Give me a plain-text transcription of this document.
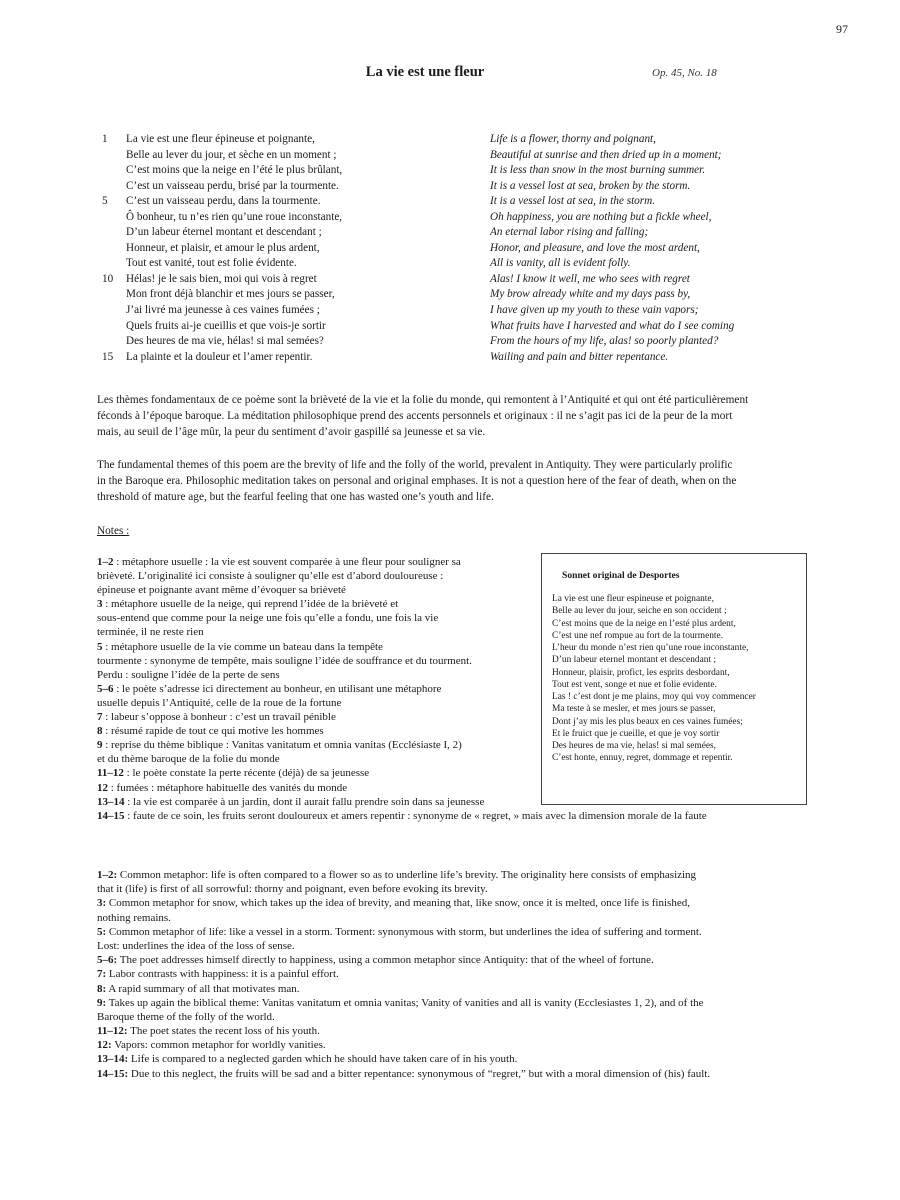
97
La vie est une fleur	Op. 45, No. 18
1
5
10
15
La vie est une fleur épineuse et poignante,
Belle au lever du jour, et sèche en un moment ;
C’est moins que la neige en l’été le plus brûlant,
C’est un vaisseau perdu, brisé par la tourmente.
C’est un vaisseau perdu, dans la tourmente.
Ô bonheur, tu n’es rien qu’une roue inconstante,
D’un labeur éternel montant et descendant ;
Honneur, et plaisir, et amour le plus ardent,
Tout est vanité, tout est folie évidente.
Hélas! je le sais bien, moi qui vois à regret
Mon front déjà blanchir et mes jours se passer,
J’ai livré ma jeunesse à ces vaines fumées ;
Quels fruits ai-je cueillis et que vois-je sortir
Des heures de ma vie, hélas! si mal semées?
La plainte et la douleur et l’amer repentir.
Life is a flower, thorny and poignant,
Beautiful at sunrise and then dried up in a moment;
It is less than snow in the most burning summer.
It is a vessel lost at sea, broken by the storm.
It is a vessel lost at sea, in the storm.
Oh happiness, you are nothing but a fickle wheel,
An eternal labor rising and falling;
Honor, and pleasure, and love the most ardent,
All is vanity, all is evident folly.
Alas! I know it well, me who sees with regret
My brow already white and my days pass by,
I have given up my youth to these vain vapors;
What fruits have I harvested and what do I see coming
From the hours of my life, alas! so poorly planted?
Wailing and pain and bitter repentance.
Les thèmes fondamentaux de ce poème sont la brièveté de la vie et la folie du monde, qui remontent à l’Antiquité et qui ont été particulièrement
féconds à l’époque baroque. La méditation philosophique prend des accents personnels et originaux : il ne s’agit pas ici de la peur de la mort
mais, au seuil de l’âge mûr, la peur du sentiment d’avoir gaspillé sa jeunesse et sa vie.
The fundamental themes of this poem are the brevity of life and the folly of the world, prevalent in Antiquity. They were particularly prolific
in the Baroque era. Philosophic meditation takes on personal and original emphases. It is not a question here of the fear of death, when on the
threshold of mature age, but the fearful feeling that one has wasted one’s youth and life.
Notes :
1–2 : métaphore usuelle : la vie est souvent comparée à une fleur pour souligner sa
brièveté. L’originalité ici consiste à souligner qu’elle est d’abord douloureuse :
épineuse et poignante avant même d’évoquer sa brièveté
3 : métaphore usuelle de la neige, qui reprend l’idée de la brièveté et
sous-entend que comme pour la neige une fois qu’elle a fondu, une fois la vie
terminée, il ne reste rien
5 : métaphore usuelle de la vie comme un bateau dans la tempête
tourmente : synonyme de tempête, mais souligne l’idée de souffrance et du tourment.
Perdu : souligne l’idée de la perte de sens
5–6 : le poète s’adresse ici directement au bonheur, en utilisant une métaphore
usuelle depuis l’Antiquité, celle de la roue de la fortune
7 : labeur s’oppose à bonheur : c’est un travail pénible
8 : résumé rapide de tout ce qui motive les hommes
9 : reprise du thème biblique : Vanitas vanitatum et omnia vanitas (Ecclésiaste I, 2)
et du thème baroque de la folie du monde
11–12 : le poète constate la perte récente (déjà) de sa jeunesse
12 : fumées : métaphore habituelle des vanités du monde
13–14 : la vie est comparée à un jardin, dont il aurait fallu prendre soin dans sa jeunesse
14–15 : faute de ce soin, les fruits seront douloureux et amers repentir : synonyme de « regret, » mais avec la dimension morale de la faute
Sonnet original de Desportes
La vie est une fleur espineuse et poignante,
Belle au lever du jour, seiche en son occident ;
C’est moins que de la neige en l’esté plus ardent,
C’est une nef rompue au fort de la tourmente.
L’heur du monde n’est rien qu’une roue inconstante,
D’un labeur eternel montant et descendant ;
Honneur, plaisir, profict, les esprits desbordant,
Tout est vent, songe et nue et folie evidente.
Las ! c’est dont je me plains, moy qui voy commencer
Ma teste à se mesler, et mes jours se passer,
Dont j’ay mis les plus beaux en ces vaines fumées;
Et le fruict que je cueille, et que je voy sortir
Des heures de ma vie, helas! si mal semées,
C’est honte, ennuy, regret, dommage et repentir.
1–2: Common metaphor: life is often compared to a flower so as to underline life’s brevity. The originality here consists of emphasizing
that it (life) is first of all sorrowful: thorny and poignant, even before evoking its brevity.
3: Common metaphor for snow, which takes up the idea of brevity, and meaning that, like snow, once it is melted, once life is finished,
nothing remains.
5: Common metaphor of life: like a vessel in a storm. Torment: synonymous with storm, but underlines the idea of suffering and torment.
Lost: underlines the idea of the loss of sense.
5–6: The poet addresses himself directly to happiness, using a common metaphor since Antiquity: that of the wheel of fortune.
7: Labor contrasts with happiness: it is a painful effort.
8: A rapid summary of all that motivates man.
9: Takes up again the biblical theme: Vanitas vanitatum et omnia vanitas; Vanity of vanities and all is vanity (Ecclesiastes 1, 2), and of the
Baroque theme of the folly of the world.
11–12: The poet states the recent loss of his youth.
12: Vapors: common metaphor for worldly vanities.
13–14: Life is compared to a neglected garden which he should have taken care of in his youth.
14–15: Due to this neglect, the fruits will be sad and a bitter repentance: synonymous of “regret,” but with a moral dimension of (his) fault.
